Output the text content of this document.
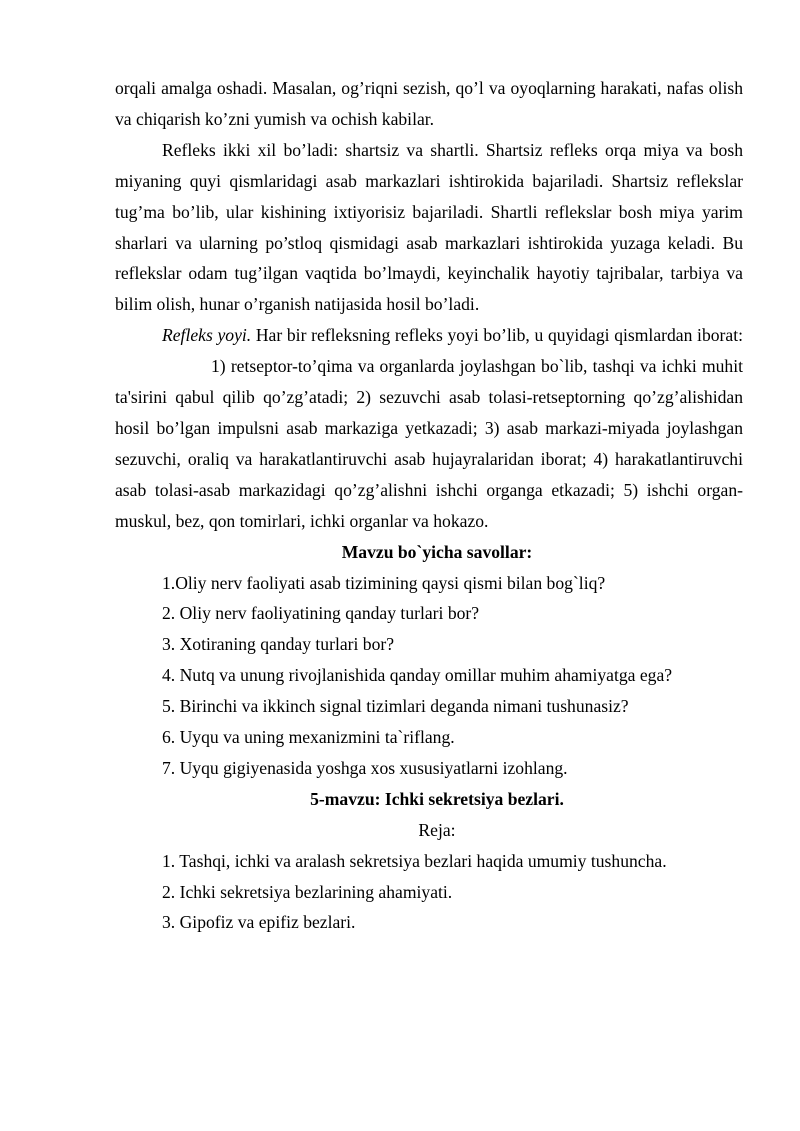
orqali amalga oshadi. Masalan, og’riqni sezish, qo’l va oyoqlarning harakati, nafas olish va chiqarish ko’zni yumish va ochish kabilar.

Refleks ikki xil bo’ladi: shartsiz va shartli. Shartsiz refleks orqa miya va bosh miyaning quyi qismlaridagi asab markazlari ishtirokida bajariladi. Shartsiz reflekslar tug’ma bo’lib, ular kishining ixtiyorisiz bajariladi. Shartli reflekslar bosh miya yarim sharlari va ularning po’stloq qismidagi asab markazlari ishtirokida yuzaga keladi. Bu reflekslar odam tug’ilgan vaqtida bo’lmaydi, keyinchalik hayotiy tajribalar, tarbiya va bilim olish, hunar o’rganish natijasida hosil bo’ladi.

Refleks yoyi. Har bir refleksning refleks yoyi bo’lib, u quyidagi qismlardan iborat:1) retseptor-to’qima va organlarda joylashgan bo`lib, tashqi va ichki muhit ta'sirini qabul qilib qo’zg’atadi; 2) sezuvchi asab tolasi-retseptorning qo’zg’alishidan hosil bo’lgan impulsni asab markaziga yetkazadi; 3) asab markazi-miyada joylashgan sezuvchi, oraliq va harakatlantiruvchi asab hujayralaridan iborat; 4) harakatlantiruvchi asab tolasi-asab markazidagi qo’zg’alishni ishchi organga etkazadi; 5) ishchi organ-muskul, bez, qon tomirlari, ichki organlar va hokazo.

Mavzu bo`yicha savollar:

1.Oliy nerv faoliyati asab tizimining qaysi qismi bilan bog`liq?

2. Oliy nerv faoliyatining qanday turlari bor?

3. Xotiraning qanday turlari bor?

4. Nutq va unung rivojlanishida qanday omillar muhim ahamiyatga ega?

5. Birinchi va ikkinch signal tizimlari deganda nimani tushunasiz?

6. Uyqu va uning mexanizmini ta`riflang.

7. Uyqu gigiyenasida yoshga xos xususiyatlarni izohlang.

5-mavzu: Ichki sekretsiya bezlari.

Reja:

1. Tashqi, ichki va aralash sekretsiya bezlari haqida umumiy tushuncha.

2. Ichki sekretsiya bezlarining ahamiyati.

3. Gipofiz va epifiz bezlari.
